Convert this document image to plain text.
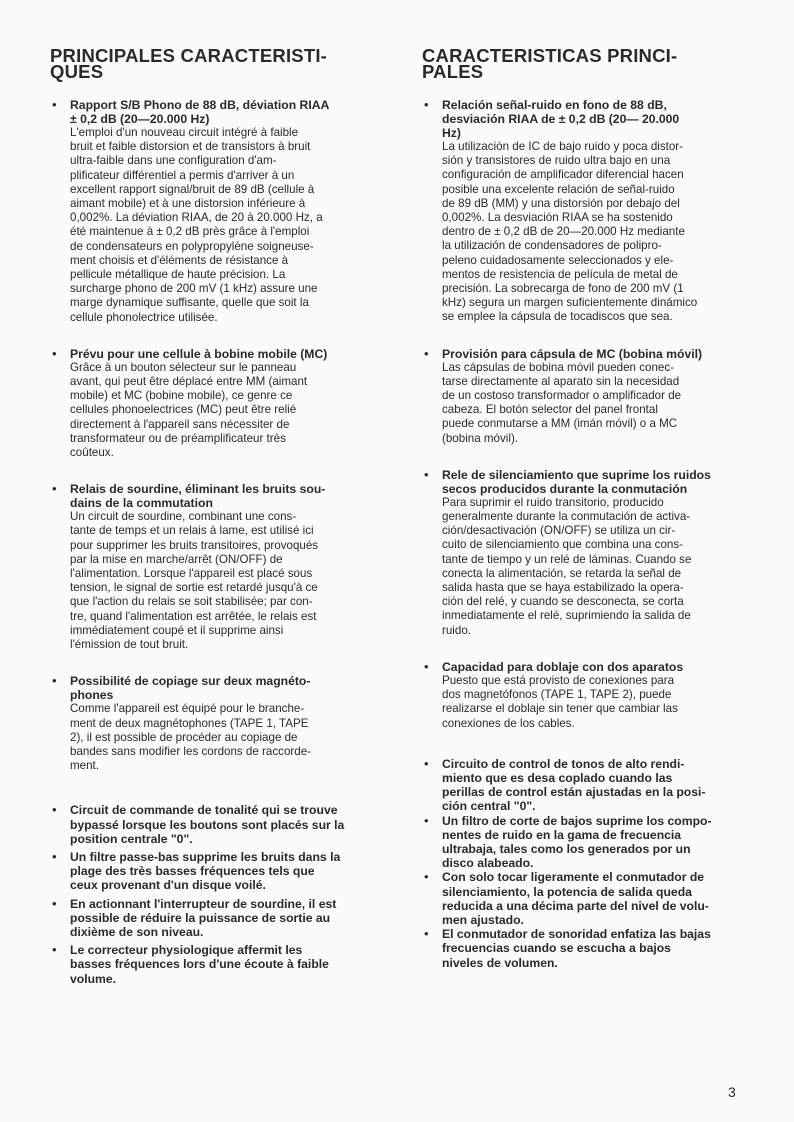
PRINCIPALES CARACTERISTI-
QUES
• Rapport S/B Phono de 88 dB, déviation RIAA
± 0,2 dB (20—20.000 Hz)
L'emploi d'un nouveau circuit intégré à faible
bruit et faible distorsion et de transistors à bruit
ultra-faible dans une configuration d'am-
plificateur différentiel a permis d'arriver à un
excellent rapport signal/bruit de 89 dB (cellule à
aimant mobile) et à une distorsion inférieure à
0,002%. La déviation RIAA, de 20 à 20.000 Hz, a
été maintenue à ± 0,2 dB près grâce à l'emploi
de condensateurs en polypropylène soigneuse-
ment choisis et d'éléments de résistance à
pellicule métallique de haute précision. La
surcharge phono de 200 mV (1 kHz) assure une
marge dynamique suffisante, quelle que soit la
cellule phonolectrice utilisée.
• Prévu pour une cellule à bobine mobile (MC)
Grâce à un bouton sélecteur sur le panneau
avant, qui peut être déplacé entre MM (aimant
mobile) et MC (bobine mobile), ce genre ce
cellules phonoelectrices (MC) peut être relié
directement à l'appareil sans nécessiter de
transformateur ou de préamplificateur très
coûteux.
• Relais de sourdine, éliminant les bruits sou-
dains de la commutation
Un circuit de sourdine, combinant une cons-
tante de temps et un relais à lame, est utilisé ici
pour supprimer les bruits transitoires, provoqués
par la mise en marche/arrêt (ON/OFF) de
l'alimentation. Lorsque l'appareil est placé sous
tension, le signal de sortie est retardé jusqu'à ce
que l'action du relais se soit stabilisée; par con-
tre, quand l'alimentation est arrêtée, le relais est
immédiatement coupé et il supprime ainsi
l'émission de tout bruit.
• Possibilité de copiage sur deux magnéto-
phones
Comme l'appareil est équipé pour le branche-
ment de deux magnétophones (TAPE 1, TAPE
2), il est possible de procéder au copiage de
bandes sans modifier les cordons de raccorde-
ment.
• Circuit de commande de tonalité qui se trouve
bypassé lorsque les boutons sont placés sur la
position centrale "0".
• Un filtre passe-bas supprime les bruits dans la
plage des très basses fréquences tels que
ceux provenant d'un disque voilé.
• En actionnant l'interrupteur de sourdine, il est
possible de réduire la puissance de sortie au
dixième de son niveau.
• Le correcteur physiologique affermit les
basses fréquences lors d'une écoute à faible
volume.
CARACTERISTICAS PRINCI-
PALES
• Relación señal-ruido en fono de 88 dB,
desviación RIAA de ± 0,2 dB (20— 20.000
Hz)
La utilización de IC de bajo ruido y poca distor-
sión y transistores de ruido ultra bajo en una
configuración de amplificador diferencial hacen
posible una excelente relación de señal-ruido
de 89 dB (MM) y una distorsión por debajo del
0,002%. La desviación RIAA se ha sostenido
dentro de ± 0,2 dB de 20—20.000 Hz mediante
la utilización de condensadores de polipro-
peleno cuidadosamente seleccionados y ele-
mentos de resistencia de película de metal de
precisión. La sobrecarga de fono de 200 mV (1
kHz) segura un margen suficientemente dinámico
se emplee la cápsula de tocadiscos que sea.
• Provisión para cápsula de MC (bobina móvil)
Las cápsulas de bobina móvil pueden conec-
tarse directamente al aparato sin la necesidad
de un costoso transformador o amplificador de
cabeza. El botón selector del panel frontal
puede conmutarse a MM (imán móvil) o a MC
(bobina móvil).
• Rele de silenciamiento que suprime los ruidos
secos producidos durante la conmutación
Para suprimir el ruido transitorio, producido
generalmente durante la conmutación de activa-
ción/desactivación (ON/OFF) se utiliza un cir-
cuito de silenciamiento que combina una cons-
tante de tiempo y un relé de láminas. Cuando se
conecta la alimentación, se retarda la señal de
salida hasta que se haya estabilizado la opera-
ción del relé, y cuando se desconecta, se corta
inmediatamente el relé, suprimiendo la salida de
ruido.
• Capacidad para doblaje con dos aparatos
Puesto que está provisto de conexiones para
dos magnetófonos (TAPE 1, TAPE 2), puede
realizarse el doblaje sin tener que cambiar las
conexiones de los cables.
• Circuito de control de tonos de alto rendi-
miento que es desa coplado cuando las
perillas de control están ajustadas en la posi-
ción central "0".
• Un filtro de corte de bajos suprime los compo-
nentes de ruido en la gama de frecuencia
ultrabaja, tales como los generados por un
disco alabeado.
• Con solo tocar ligeramente el conmutador de
silenciamiento, la potencia de salida queda
reducida a una décima parte del nivel de volu-
men ajustado.
• El conmutador de sonoridad enfatiza las bajas
frecuencias cuando se escucha a bajos
niveles de volumen.
3
